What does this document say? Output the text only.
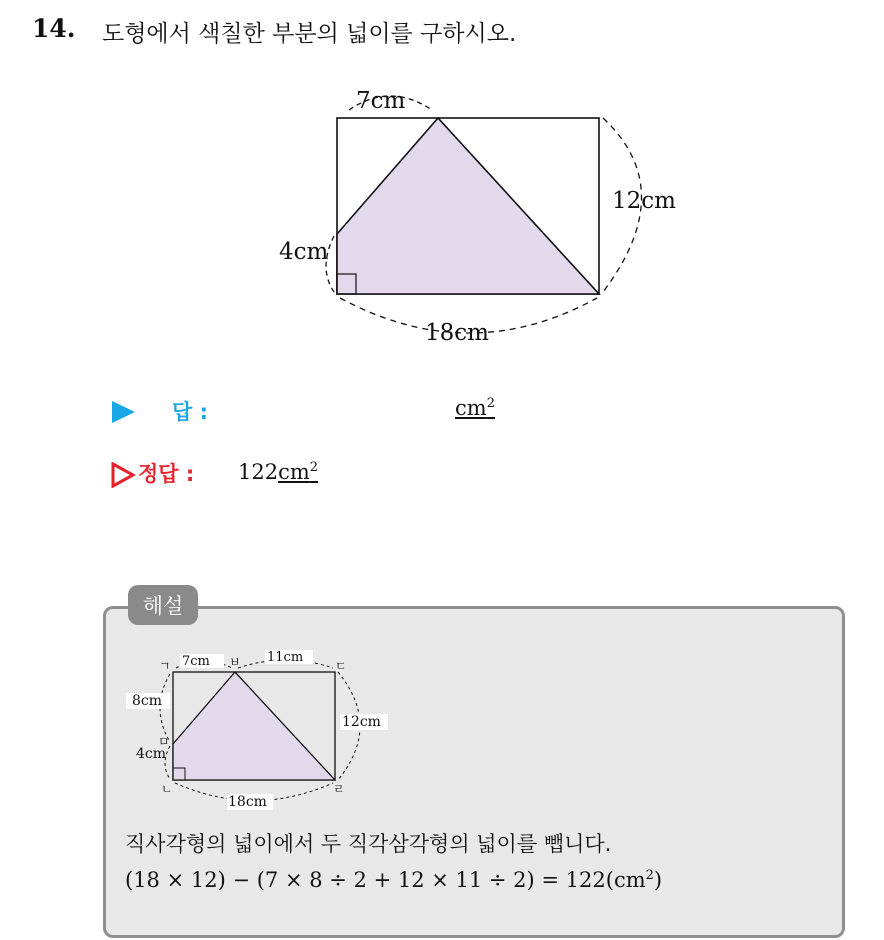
14. 도형에서 색칠한 부분의 넓이를 구하시오.
7cm
12cm
4cm
18cm
답 :	$cm^2$
정답 : $122cm^2$
해설
7cm	11cm
8cm
4cm
12cm
18cm
ㄱ	ㅂ	ㄷ
ㅁ
ㄴ	ㄹ
직사각형의 넓이에서 두 직각삼각형의 넓이를 뺍니다.
$(18 \times 12) - (7 \times 8 \div 2 + 12 \times 11 \div 2) = 122(cm^2)$
